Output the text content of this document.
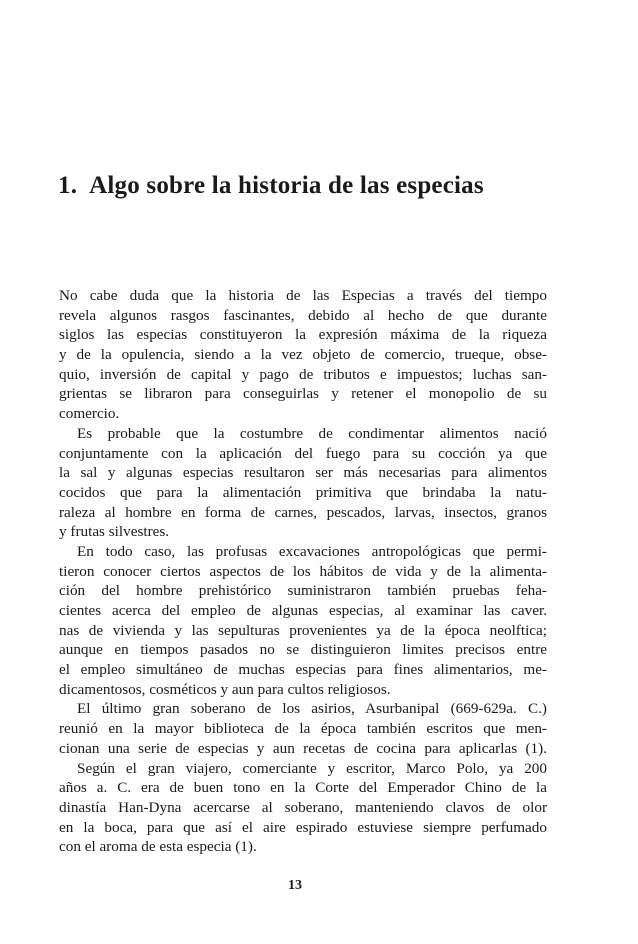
1. Algo sobre la historia de las especias
No cabe duda que la historia de las Especias a través del tiempo
revela algunos rasgos fascinantes, debido al hecho de que durante
siglos las especias constituyeron la expresión máxima de la riqueza
y de la opulencia, siendo a la vez objeto de comercio, trueque, obse-
quio, inversión de capital y pago de tributos e impuestos; luchas san-
grientas se libraron para conseguirlas y retener el monopolio de su
comercio.
Es probable que la costumbre de condimentar alimentos nació
conjuntamente con la aplicación del fuego para su cocción ya que
la sal y algunas especias resultaron ser más necesarias para alimentos
cocidos que para la alimentación primitiva que brindaba la natu-
raleza al hombre en forma de carnes, pescados, larvas, insectos, granos
y frutas silvestres.
En todo caso, las profusas excavaciones antropológicas que permi-
tieron conocer ciertos aspectos de los hábitos de vida y de la alimenta-
ción del hombre prehistórico suministraron también pruebas feha-
cientes acerca del empleo de algunas especias, al examinar las caver.
nas de vivienda y las sepulturas provenientes ya de la época neolftica;
aunque en tiempos pasados no se distinguieron limites precisos entre
el empleo simultáneo de muchas especias para fines alimentarios, me-
dicamentosos, cosméticos y aun para cultos religiosos.
El último gran soberano de los asirios, Asurbanipal (669-629a. C.)
reunió en la mayor biblioteca de la época también escritos que men-
cionan una serie de especias y aun recetas de cocina para aplicarlas (1).
Según el gran viajero, comerciante y escritor, Marco Polo, ya 200
años a. C. era de buen tono en la Corte del Emperador Chino de la
dinastía Han-Dyna acercarse al soberano, manteniendo clavos de olor
en la boca, para que así el aire espirado estuviese siempre perfumado
con el aroma de esta especia (1).
13
